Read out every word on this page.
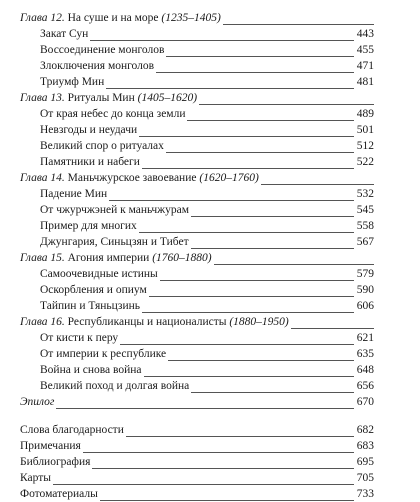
Глава 12. На суше и на море (1235–1405)
Закат Сун	443
Воссоединение монголов	455
Злоключения монголов	471
Триумф Мин	481
Глава 13. Ритуалы Мин (1405–1620)
От края небес до конца земли	489
Невзгоды и неудачи	501
Великий спор о ритуалах	512
Памятники и набеги	522
Глава 14. Маньчжурское завоевание (1620–1760)
Падение Мин	532
От чжурчжэней к маньчжурам	545
Пример для многих	558
Джунгария, Синьцзян и Тибет	567
Глава 15. Агония империи (1760–1880)
Самоочевидные истины	579
Оскорбления и опиум	590
Тайпин и Тяньцзинь	606
Глава 16. Республиканцы и националисты (1880–1950)
От кисти к перу	621
От империи к республике	635
Война и снова война	648
Великий поход и долгая война	656
Эпилог	670
Слова благодарности	682
Примечания	683
Библиография	695
Карты	705
Фотоматериалы	733
